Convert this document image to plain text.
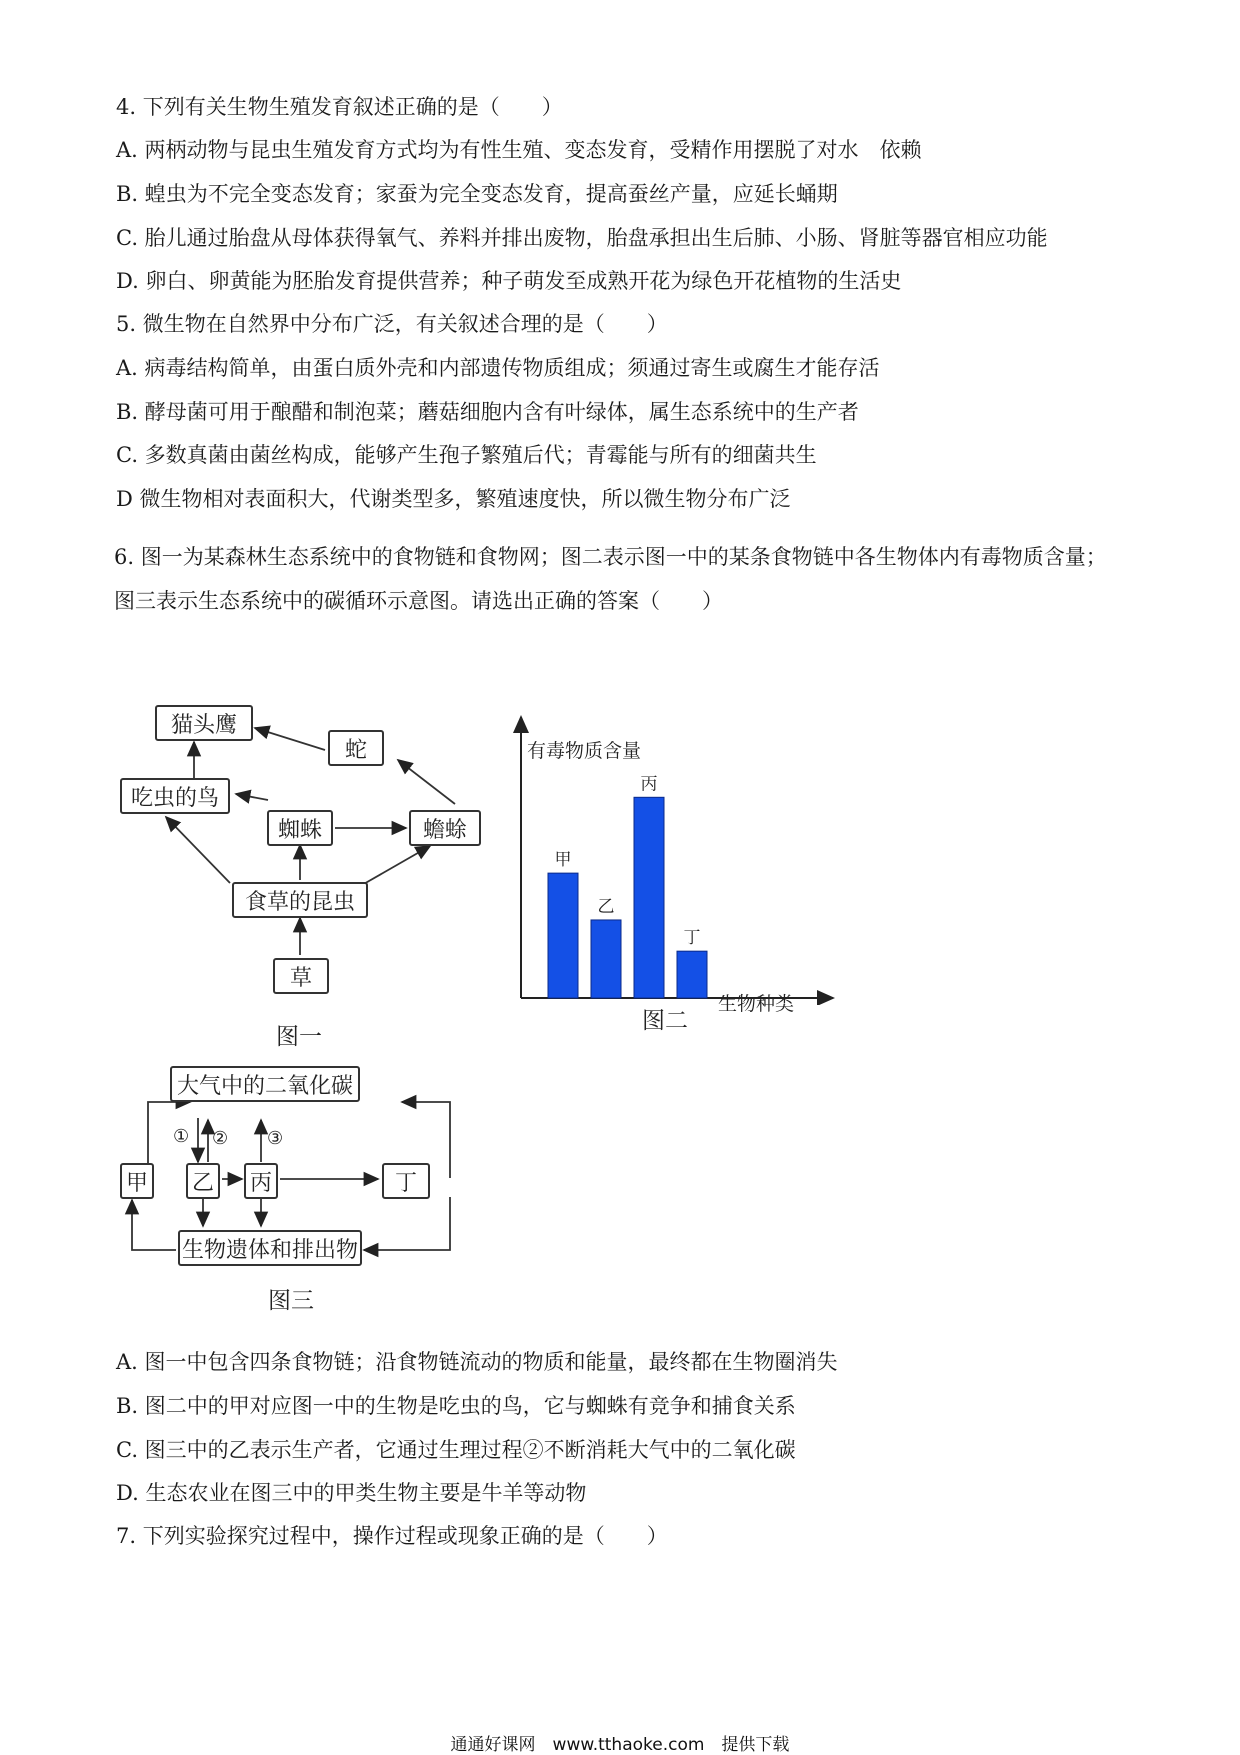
4. 下列有关生物生殖发育叙述正确的是（　　）
A. 两柄动物与昆虫生殖发育方式均为有性生殖、变态发育，受精作用摆脱了对水　依赖
B. 蝗虫为不完全变态发育；家蚕为完全变态发育，提高蚕丝产量，应延长蛹期
C. 胎儿通过胎盘从母体获得氧气、养料并排出废物，胎盘承担出生后肺、小肠、肾脏等器官相应功能
D. 卵白、卵黄能为胚胎发育提供营养；种子萌发至成熟开花为绿色开花植物的生活史
5. 微生物在自然界中分布广泛，有关叙述合理的是（　　）
A. 病毒结构简单，由蛋白质外壳和内部遗传物质组成；须通过寄生或腐生才能存活
B. 酵母菌可用于酿醋和制泡菜；蘑菇细胞内含有叶绿体，属生态系统中的生产者
C. 多数真菌由菌丝构成，能够产生孢子繁殖后代；青霉能与所有的细菌共生
D 微生物相对表面积大，代谢类型多，繁殖速度快，所以微生物分布广泛
6. 图一为某森林生态系统中的食物链和食物网；图二表示图一中的某条食物链中各生物体内有毒物质含量；
图三表示生态系统中的碳循环示意图。请选出正确的答案（　　）
猫头鹰
蛇
吃虫的鸟
蜘蛛	蟾蜍
食草的昆虫
草
图一
有毒物质含量
甲
乙
丙
丁
生物种类
图二
大气中的二氧化碳
甲 乙 丙	丁
生物遗体和排出物
① ② ③
图三
A. 图一中包含四条食物链；沿食物链流动的物质和能量，最终都在生物圈消失
B. 图二中的甲对应图一中的生物是吃虫的鸟，它与蜘蛛有竞争和捕食关系
C. 图三中的乙表示生产者，它通过生理过程②不断消耗大气中的二氧化碳
D. 生态农业在图三中的甲类生物主要是牛羊等动物
7. 下列实验探究过程中，操作过程或现象正确的是（　　）
通通好课网　www.tthaoke.com　提供下载
